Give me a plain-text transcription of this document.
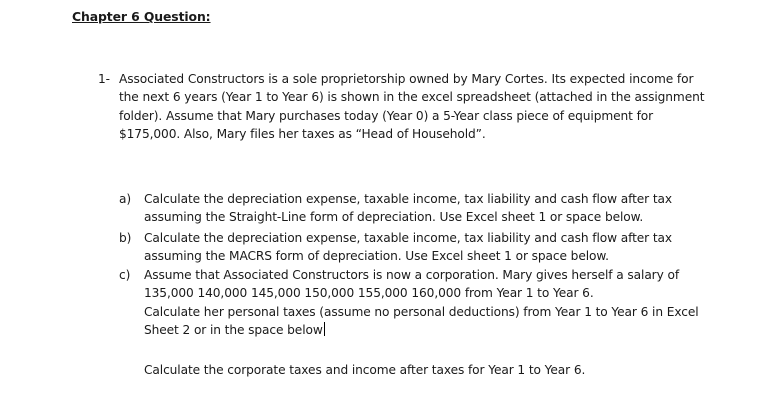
Chapter 6 Question:
1- Associated Constructors is a sole proprietorship owned by Mary Cortes. Its expected income for
the next 6 years (Year 1 to Year 6) is shown in the excel spreadsheet (attached in the assignment
folder). Assume that Mary purchases today (Year 0) a 5-Year class piece of equipment for
$175,000. Also, Mary files her taxes as “Head of Household”.
a) Calculate the depreciation expense, taxable income, tax liability and cash flow after tax
assuming the Straight-Line form of depreciation. Use Excel sheet 1 or space below.
b) Calculate the depreciation expense, taxable income, tax liability and cash flow after tax
assuming the MACRS form of depreciation. Use Excel sheet 1 or space below.
c) Assume that Associated Constructors is now a corporation. Mary gives herself a salary of
135,000 140,000 145,000 150,000 155,000 160,000 from Year 1 to Year 6.
Calculate her personal taxes (assume no personal deductions) from Year 1 to Year 6 in Excel
Sheet 2 or in the space below
Calculate the corporate taxes and income after taxes for Year 1 to Year 6.
